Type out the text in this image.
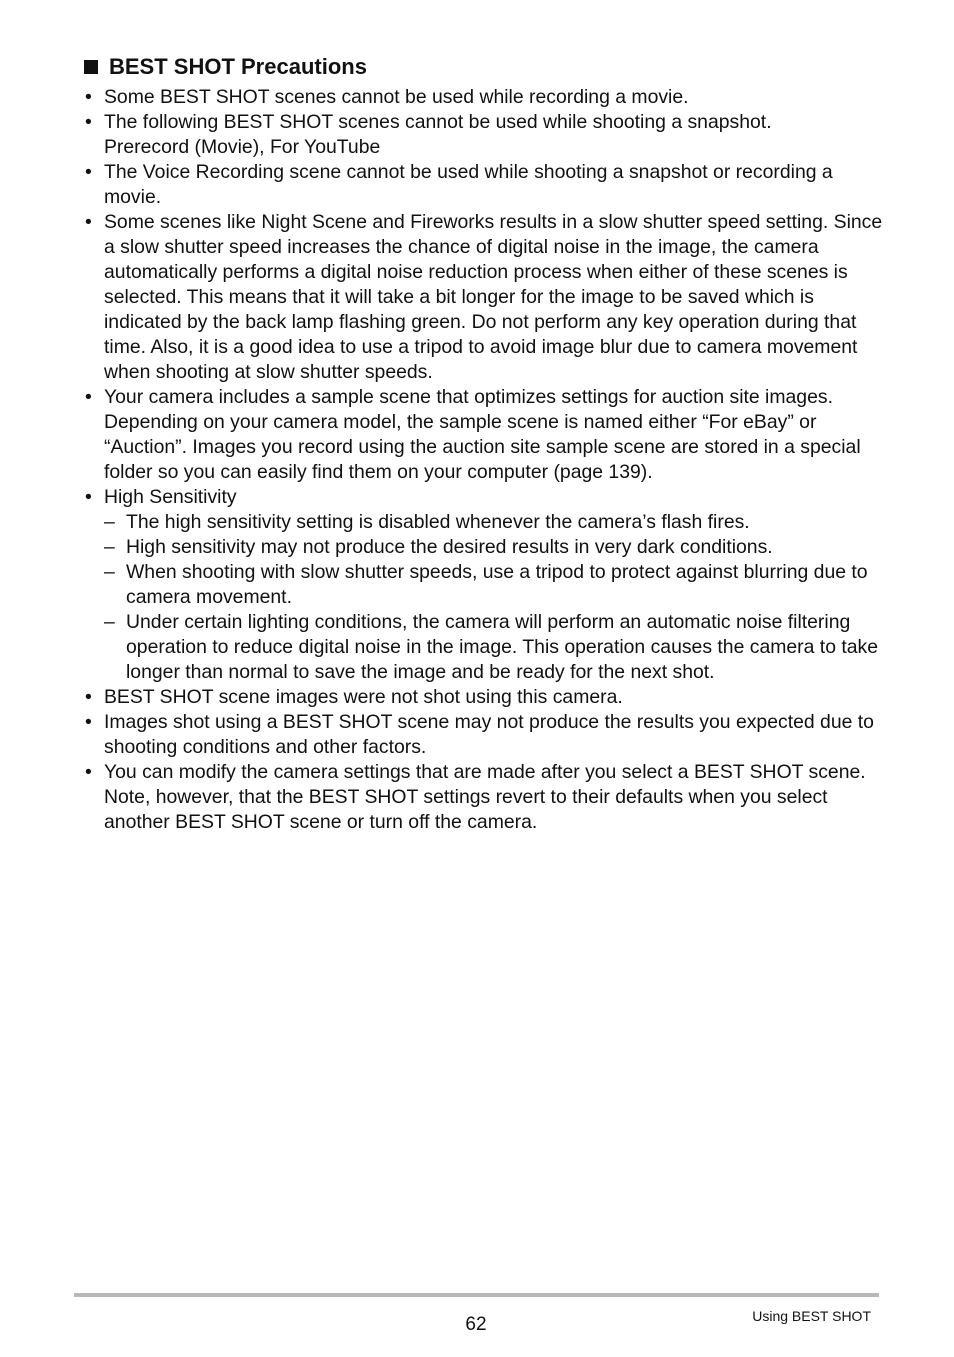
BEST SHOT Precautions
• Some BEST SHOT scenes cannot be used while recording a movie.

• The following BEST SHOT scenes cannot be used while shooting a snapshot.

Prerecord (Movie), For YouTube

• The Voice Recording scene cannot be used while shooting a snapshot or recording a movie.

• Some scenes like Night Scene and Fireworks results in a slow shutter speed setting. Since a slow shutter speed increases the chance of digital noise in the image, the camera automatically performs a digital noise reduction process when either of these scenes is selected. This means that it will take a bit longer for the image to be saved which is indicated by the back lamp flashing green. Do not perform any key operation during that time. Also, it is a good idea to use a tripod to avoid image blur due to camera movement when shooting at slow shutter speeds.

• Your camera includes a sample scene that optimizes settings for auction site images. Depending on your camera model, the sample scene is named either “For eBay” or “Auction”. Images you record using the auction site sample scene are stored in a special folder so you can easily find them on your computer (page 139).

• High Sensitivity

– The high sensitivity setting is disabled whenever the camera’s flash fires.

– High sensitivity may not produce the desired results in very dark conditions.

– When shooting with slow shutter speeds, use a tripod to protect against blurring due to camera movement.

– Under certain lighting conditions, the camera will perform an automatic noise filtering operation to reduce digital noise in the image. This operation causes the camera to take longer than normal to save the image and be ready for the next shot.

• BEST SHOT scene images were not shot using this camera.

• Images shot using a BEST SHOT scene may not produce the results you expected due to shooting conditions and other factors.

• You can modify the camera settings that are made after you select a BEST SHOT scene. Note, however, that the BEST SHOT settings revert to their defaults when you select another BEST SHOT scene or turn off the camera.

62	Using BEST SHOT
